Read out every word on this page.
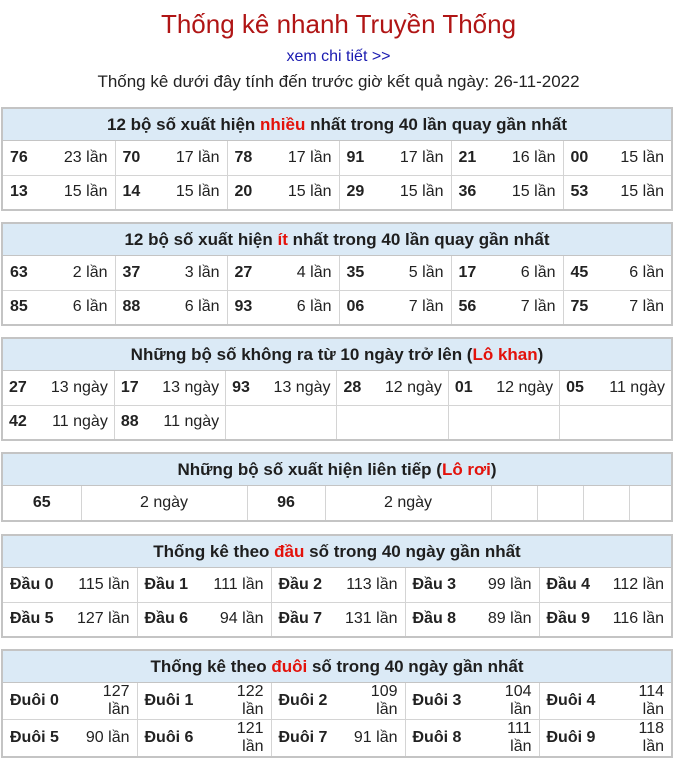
Thống kê nhanh Truyền Thống
xem chi tiết >>
Thống kê dưới đây tính đến trước giờ kết quả ngày: 26-11-2022
12 bộ số xuất hiện nhiều nhất trong 40 lần quay gần nhất
76	23 lần	70	17 lần	78	17 lần	91	17 lần	21	16 lần	00	15 lần
13	15 lần	14	15 lần	20	15 lần	29	15 lần	36	15 lần	53	15 lần
12 bộ số xuất hiện ít nhất trong 40 lần quay gần nhất
63	2 lần	37	3 lần	27	4 lần	35	5 lần	17	6 lần	45	6 lần
85	6 lần	88	6 lần	93	6 lần	06	7 lần	56	7 lần	75	7 lần
Những bộ số không ra từ 10 ngày trở lên (Lô khan)
27 13 ngày	17 13 ngày	93 13 ngày	28 12 ngày	01 12 ngày	05 11 ngày

42 11 ngày	88 11 ngày				

Những bộ số xuất hiện liên tiếp (Lô rơi)
65	2 ngày	96	2 ngày				
Thống kê theo đầu số trong 40 ngày gần nhất
Đầu 0	115 lần	Đầu 1	111 lần	Đầu 2	113 lần	Đầu 3	99 lần	Đầu 4	112 lần
Đầu 5	127 lần	Đầu 6	94 lần	Đầu 7	131 lần	Đầu 8	89 lần	Đầu 9	116 lần
Thống kê theo đuôi số trong 40 ngày gần nhất
Đuôi 0	127 lần	Đuôi 1	122 lần	Đuôi 2	109 lần	Đuôi 3	104 lần	Đuôi 4	114 lần
Đuôi 5	90 lần	Đuôi 6	121 lần	Đuôi 7	91 lần	Đuôi 8	111 lần	Đuôi 9	118 lần
